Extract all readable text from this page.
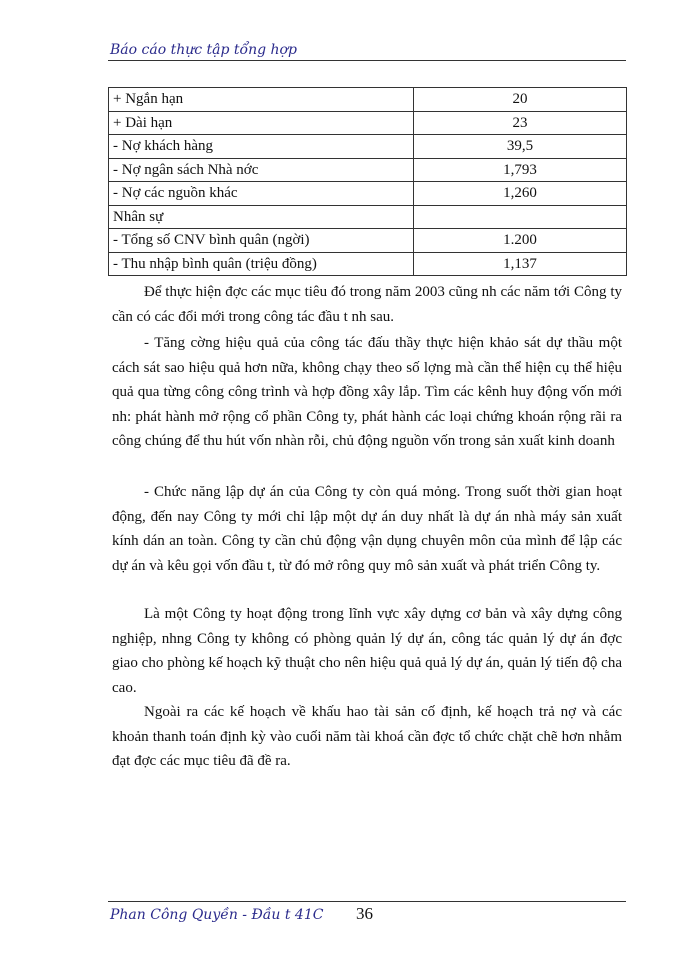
Báo cáo thực tập tổng hợp
+ Ngắn hạn	20
+ Dài hạn	23
- Nợ khách hàng	39,5
- Nợ ngân sách Nhà nớc	1,793
- Nợ các nguồn khác	1,260
Nhân sự	
- Tổng số CNV bình quân (ngời)	1.200
- Thu nhập bình quân (triệu đồng)	1,137

Để thực hiện đợc các mục tiêu đó trong năm 2003 cũng nh các năm tới Công ty cần có các đổi mới trong công tác đầu t nh sau.

- Tăng cờng hiệu quả của công tác đấu thầy thực hiện khảo sát dự thầu một cách sát sao hiệu quả hơn nữa, không chạy theo số lợng mà cần thể hiện cụ thể hiệu quả qua từng công công trình và hợp đồng xây lắp. Tìm các kênh huy động vốn mới nh: phát hành mở rộng cổ phần Công ty, phát hành các loại chứng khoán rộng rãi ra công chúng để thu hút vốn nhàn rỗi, chủ động nguồn vốn trong sản xuất kinh doanh

- Chức năng lập dự án của Công ty còn quá mỏng. Trong suốt thời gian hoạt động, đến nay Công ty mới chỉ lập một dự án duy nhất là dự án nhà máy sản xuất kính dán an toàn. Công ty cần chủ động vận dụng chuyên môn của mình để lập các dự án và kêu gọi vốn đầu t, từ đó mở rông quy mô sản xuất và phát triển Công ty.

Là một Công ty hoạt động trong lĩnh vực xây dựng cơ bản và xây dựng công nghiệp, nhng Công ty không có phòng quản lý dự án, công tác quản lý dự án đợc giao cho phòng kế hoạch kỹ thuật cho nên hiệu quả quả lý dự án, quản lý tiến độ cha cao.

Ngoài ra các kế hoạch về khấu hao tài sản cố định, kế hoạch trả nợ và các khoản thanh toán định kỳ vào cuối năm tài khoá cần đợc tổ chức chặt chẽ hơn nhằm đạt đợc các mục tiêu đã đề ra.

Phan Công Quyền - Đầu t 41C 36
